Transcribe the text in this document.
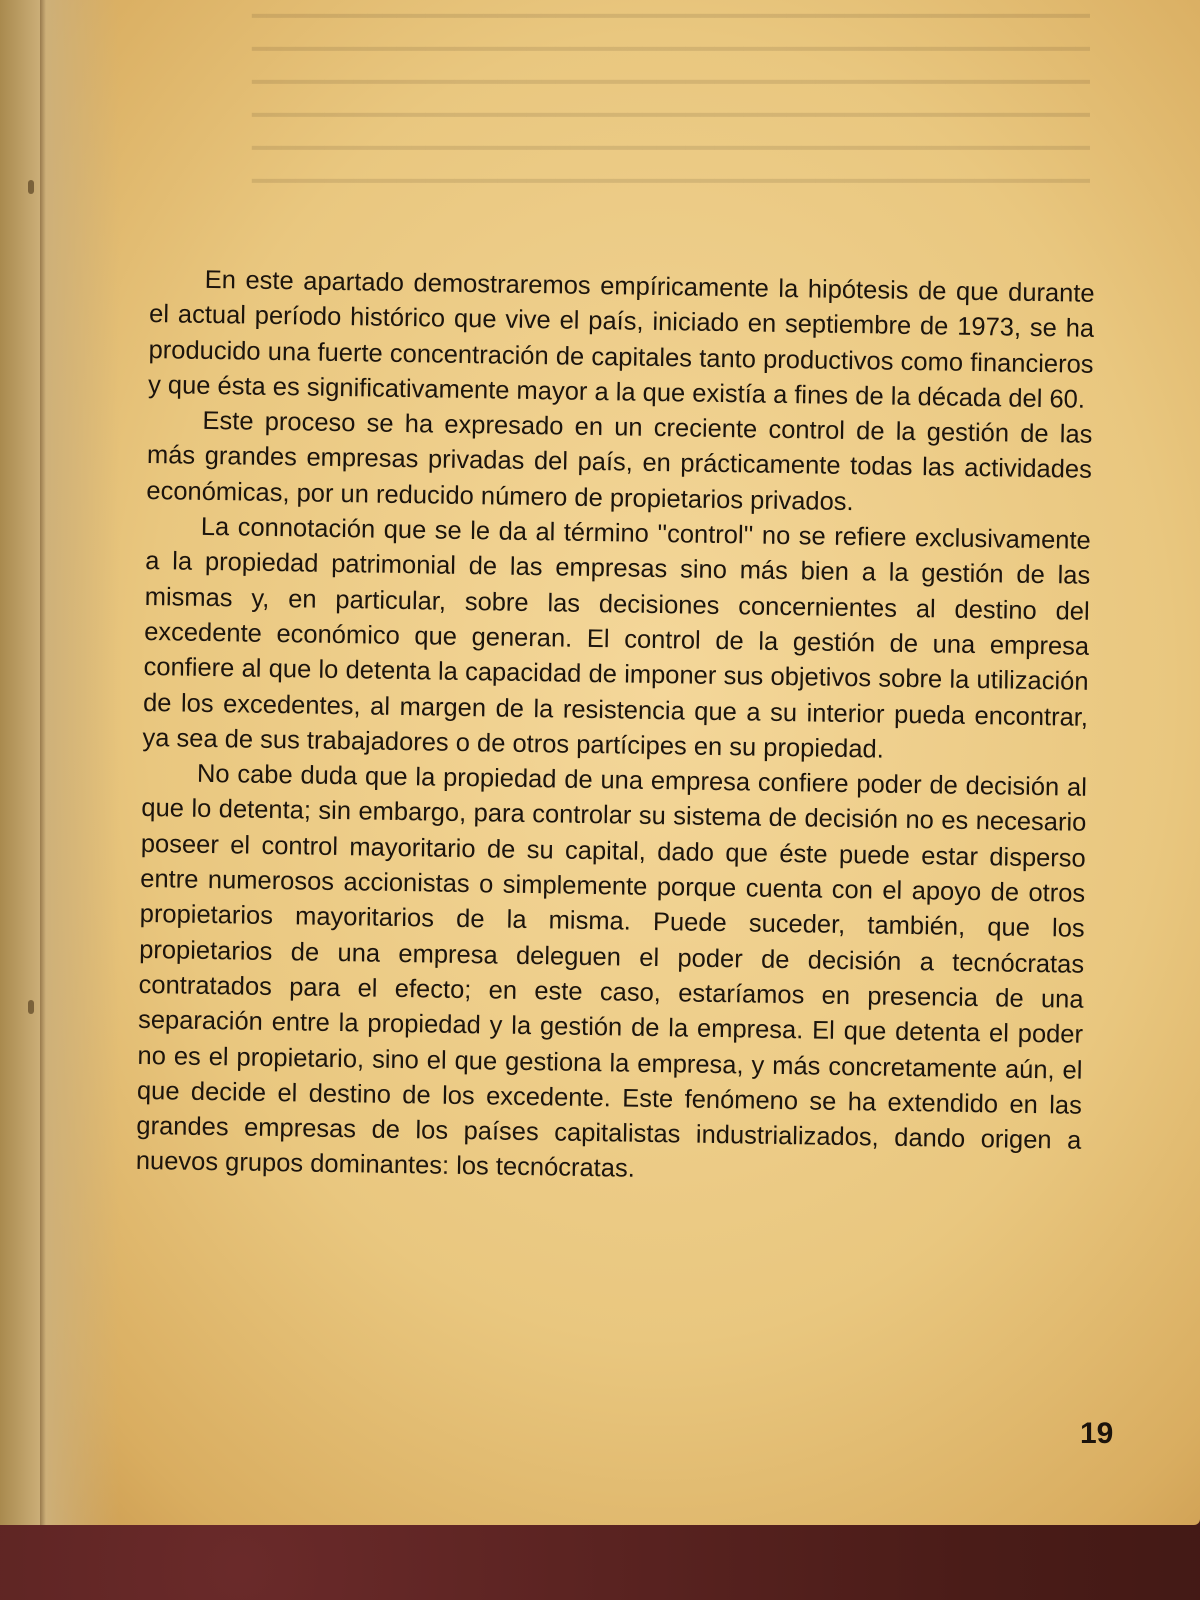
━━━━━━━━━━━━━━━━━━━━━━━━━━━━━━━━━━━━━━━━━━━━━━━━━━━━━━━━━━
━━━━━━━━━━━━━━━━━━━━━━━━━━━━━━━━━━━━━━━━━━━━━━━━━━━━━━━━━━
━━━━━━━━━━━━━━━━━━━━━━━━━━━━━━━━━━━━━━━━━━━━━━━━━━━━━━━━━━
━━━━━━━━━━━━━━━━━━━━━━━━━━━━━━━━━━━━━━━━━━━━━━━━━━━━━━━━━━
━━━━━━━━━━━━━━━━━━━━━━━━━━━━━━━━━━━━━━━━━━━━━━━━━━━━━━━━━━
━━━━━━━━━━━━━━━━━━━━━━━━━━━━━━━━━━━━━━━━━━━━━━━━━━━━━━━━━━

En este apartado demostraremos empíricamente la hipótesis de que durante el actual período histórico que vive el país, iniciado en septiembre de 1973, se ha producido una fuerte concentración de capitales tanto productivos como financieros y que ésta es significativamente mayor a la que existía a fines de la década del 60.

Este proceso se ha expresado en un creciente control de la gestión de las más grandes empresas privadas del país, en prácticamente todas las actividades económicas, por un reducido número de propietarios privados.

La connotación que se le da al término ''control'' no se refiere exclusivamente a la propiedad patrimonial de las empresas sino más bien a la gestión de las mismas y, en particular, sobre las decisiones concernientes al destino del excedente económico que generan. El control de la gestión de una empresa confiere al que lo detenta la capacidad de imponer sus objetivos sobre la utilización de los excedentes, al margen de la resistencia que a su interior pueda encontrar, ya sea de sus trabajadores o de otros partícipes en su propiedad.

No cabe duda que la propiedad de una empresa confiere poder de decisión al que lo detenta; sin embargo, para controlar su sistema de decisión no es necesario poseer el control mayoritario de su capital, dado que éste puede estar disperso entre numerosos accionistas o simplemente porque cuenta con el apoyo de otros propietarios mayoritarios de la misma. Puede suceder, también, que los propietarios de una empresa deleguen el poder de decisión a tecnócratas contratados para el efecto; en este caso, estaríamos en presencia de una separación entre la propiedad y la gestión de la empresa. El que detenta el poder no es el propietario, sino el que gestiona la empresa, y más concretamente aún, el que decide el destino de los excedente. Este fenómeno se ha extendido en las grandes empresas de los países capitalistas industrializados, dando origen a nuevos grupos dominantes: los tecnócratas.

19
